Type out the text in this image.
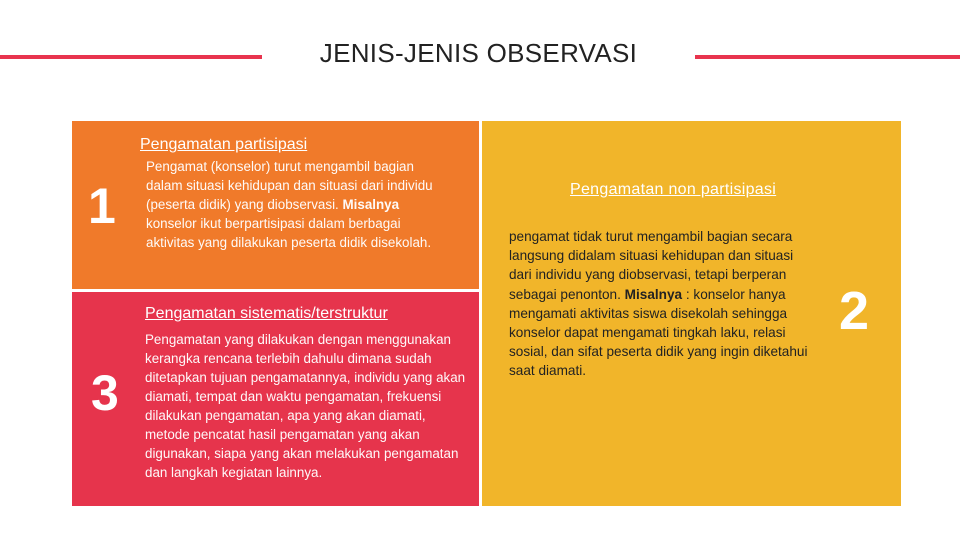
JENIS-JENIS OBSERVASI
1
Pengamatan partisipasi
Pengamat (konselor) turut mengambil bagian dalam situasi kehidupan dan situasi dari individu (peserta didik) yang diobservasi. Misalnya konselor ikut berpartisipasi dalam berbagai aktivitas yang dilakukan peserta didik disekolah.
3
Pengamatan sistematis/terstruktur
Pengamatan yang dilakukan dengan menggunakan kerangka rencana terlebih dahulu dimana sudah ditetapkan tujuan pengamatannya, individu yang akan diamati, tempat dan waktu pengamatan, frekuensi dilakukan pengamatan, apa yang akan diamati, metode pencatat hasil pengamatan yang akan digunakan, siapa yang akan melakukan pengamatan dan langkah kegiatan lainnya.
Pengamatan non partisipasi
pengamat tidak turut mengambil bagian secara langsung didalam situasi kehidupan dan situasi dari individu yang diobservasi, tetapi berperan sebagai penonton. Misalnya : konselor hanya mengamati aktivitas siswa disekolah sehingga konselor dapat mengamati tingkah laku, relasi sosial, dan sifat peserta didik yang ingin diketahui saat diamati.
2
